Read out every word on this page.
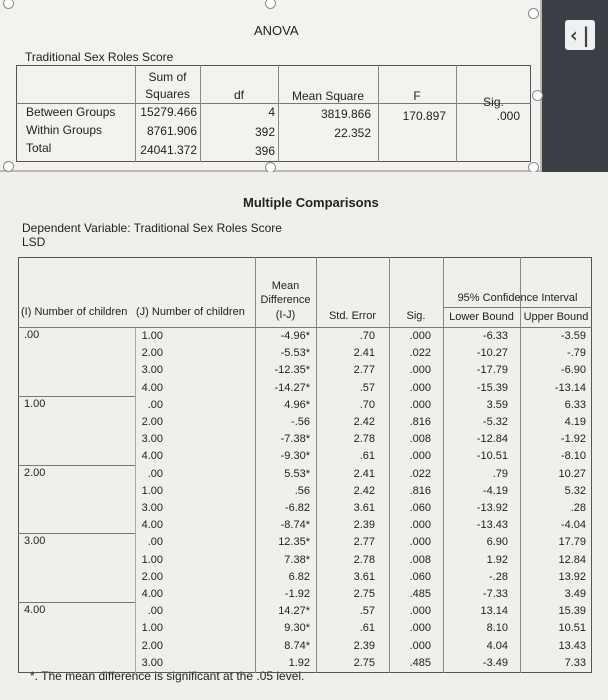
‹|
ANOVA
Traditional Sex Roles Score
Sum of
Squares	df	Mean Square	F	Sig.
Between Groups	15279.466	4	3819.866	170.897	.000
Within Groups	8761.906	392	22.352
Total	24041.372	396
Multiple Comparisons
Dependent Variable: Traditional Sex Roles Score
LSD
*. The mean difference is significant at the .05 level.
(I) Number of children (J) Number of children
Mean
Difference
(I-J)	Std. Error	Sig.
95% Confidence Interval
Lower Bound Upper Bound
.00	1.00	-4.96*	.70	.000	-6.33	-3.59
2.00	-5.53*	2.41	.022	-10.27	-.79
3.00	-12.35*	2.77	.000	-17.79	-6.90
4.00	-14.27*	.57	.000	-15.39	-13.14
1.00	.00	4.96*	.70	.000	3.59	6.33
2.00	-.56	2.42	.816	-5.32	4.19
3.00	-7.38*	2.78	.008	-12.84	-1.92
4.00	-9.30*	.61	.000	-10.51	-8.10
2.00	.00	5.53*	2.41	.022	.79	10.27
1.00	.56	2.42	.816	-4.19	5.32
3.00	-6.82	3.61	.060	-13.92	.28
4.00	-8.74*	2.39	.000	-13.43	-4.04
3.00	.00	12.35*	2.77	.000	6.90	17.79
1.00	7.38*	2.78	.008	1.92	12.84
2.00	6.82	3.61	.060	-.28	13.92
4.00	-1.92	2.75	.485	-7.33	3.49
4.00	.00	14.27*	.57	.000	13.14	15.39
1.00	9.30*	.61	.000	8.10	10.51
2.00	8.74*	2.39	.000	4.04	13.43
3.00	1.92	2.75	.485	-3.49	7.33
